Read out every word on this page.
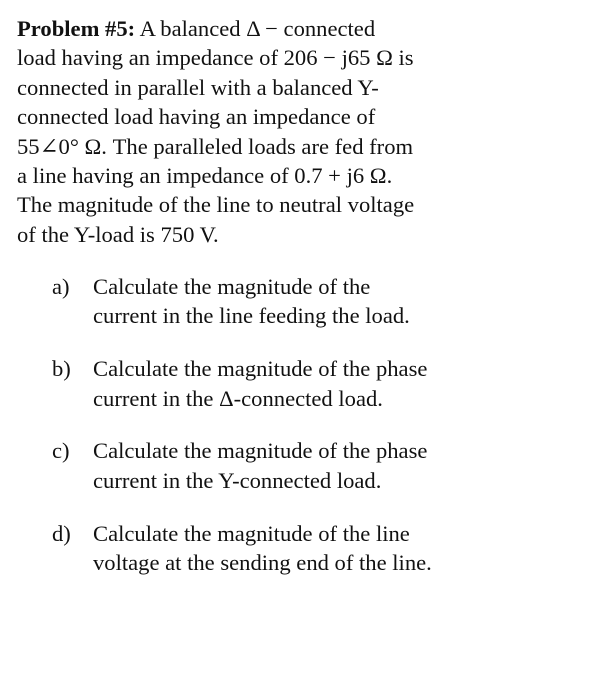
Problem #5: A balanced Δ − connected
load having an impedance of 206 − j65 Ω is
connected in parallel with a balanced Y-
connected load having an impedance of
55∠0° Ω. The paralleled loads are fed from
a line having an impedance of 0.7 + j6 Ω.
The magnitude of the line to neutral voltage
of the Y-load is 750 V.
a)	Calculate the magnitude of the
current in the line feeding the load.
b) Calculate the magnitude of the phase
current in the Δ-connected load.
c)	Calculate the magnitude of the phase
current in the Y-connected load.
d) Calculate the magnitude of the line
voltage at the sending end of the line.
